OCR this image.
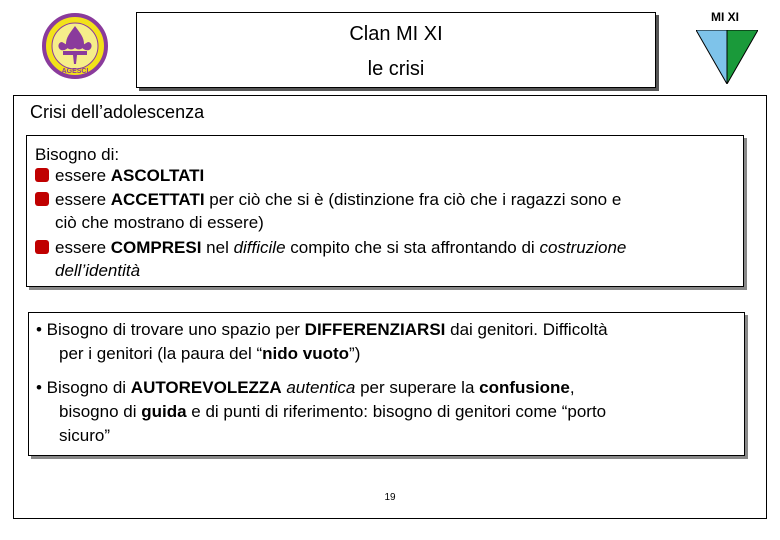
AGESCI
Clan MI XI
le crisi
MI XI
Crisi dell’adolescenza
Bisogno di:
essere ASCOLTATI
essere ACCETTATI per ciò che si è (distinzione fra ciò che i ragazzi sono e
ciò che mostrano di essere)
essere COMPRESI nel difficile compito che si sta affrontando di costruzione
dell’identità
• Bisogno di trovare uno spazio per DIFFERENZIARSI dai genitori. Difficoltà
per i genitori (la paura del “nido vuoto”)
• Bisogno di AUTOREVOLEZZA autentica per superare la confusione,
bisogno di guida e di punti di riferimento: bisogno di genitori come “porto
sicuro”
19
